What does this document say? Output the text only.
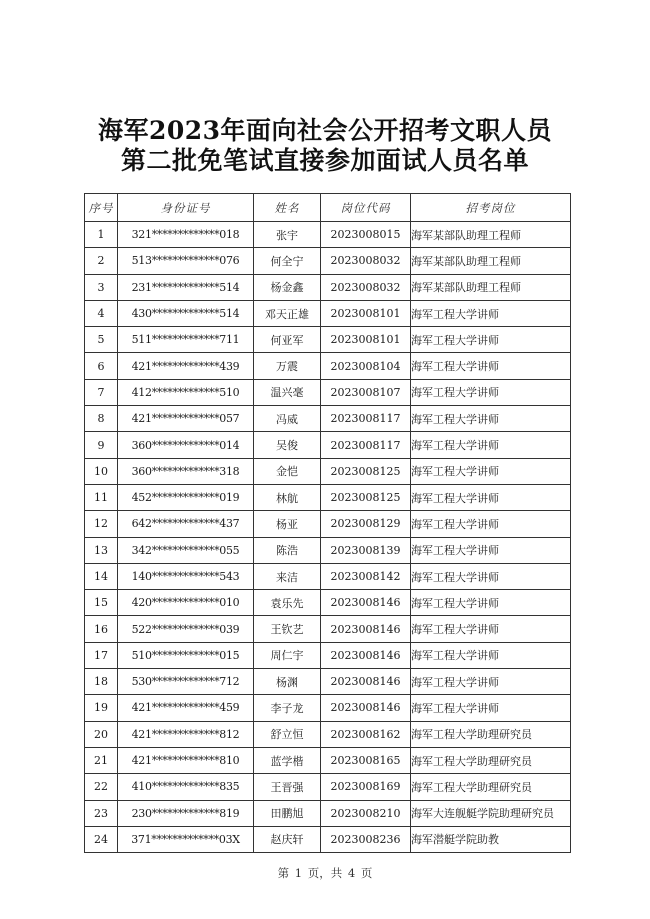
海军2023年面向社会公开招考文职人员
第二批免笔试直接参加面试人员名单
序号	身份证号	姓名	岗位代码	招考岗位
1	321*************018	张宇	2023008015	海军某部队助理工程师
2	513*************076	何全宁	2023008032	海军某部队助理工程师
3	231*************514	杨金鑫	2023008032	海军某部队助理工程师
4	430*************514	邓天正雄	2023008101	海军工程大学讲师
5	511*************711	何亚军	2023008101	海军工程大学讲师
6	421*************439	万震	2023008104	海军工程大学讲师
7	412*************510	温兴毫	2023008107	海军工程大学讲师
8	421*************057	冯威	2023008117	海军工程大学讲师
9	360*************014	吴俊	2023008117	海军工程大学讲师
10	360*************318	金恺	2023008125	海军工程大学讲师
11	452*************019	林航	2023008125	海军工程大学讲师
12	642*************437	杨亚	2023008129	海军工程大学讲师
13	342*************055	陈浩	2023008139	海军工程大学讲师
14	140*************543	来洁	2023008142	海军工程大学讲师
15	420*************010	袁乐先	2023008146	海军工程大学讲师
16	522*************039	王钦艺	2023008146	海军工程大学讲师
17	510*************015	周仁宇	2023008146	海军工程大学讲师
18	530*************712	杨渊	2023008146	海军工程大学讲师
19	421*************459	李子龙	2023008146	海军工程大学讲师
20	421*************812	舒立恒	2023008162	海军工程大学助理研究员
21	421*************810	蓝学楷	2023008165	海军工程大学助理研究员
22	410*************835	王晋强	2023008169	海军工程大学助理研究员
23	230*************819	田鹏旭	2023008210	海军大连舰艇学院助理研究员
24	371*************03X	赵庆轩	2023008236	海军潜艇学院助教
第 1 页，共 4 页
